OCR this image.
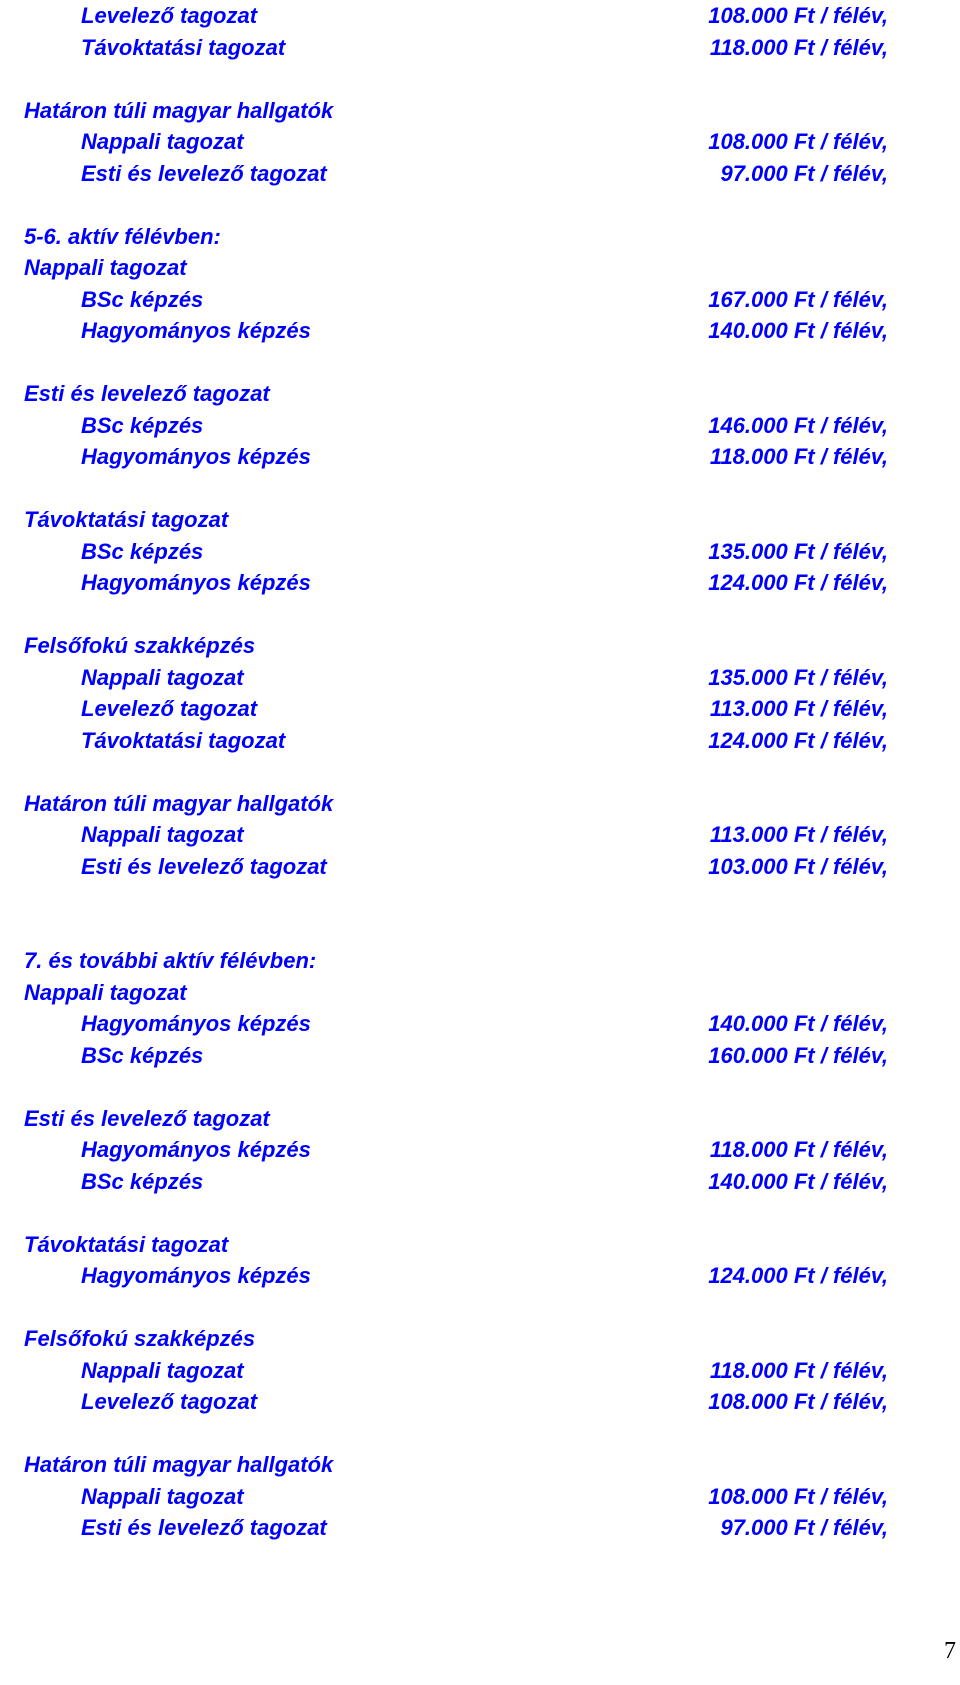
Levelező tagozat	108.000 Ft / félév,
Távoktatási tagozat	118.000 Ft / félév,
Határon túli magyar hallgatók
Nappali tagozat	108.000 Ft / félév,
Esti és levelező tagozat	97.000 Ft / félév,
5-6. aktív félévben:
Nappali tagozat
BSc képzés	167.000 Ft / félév,
Hagyományos képzés	140.000 Ft / félév,
Esti és levelező tagozat
BSc képzés	146.000 Ft / félév,
Hagyományos képzés	118.000 Ft / félév,
Távoktatási tagozat
BSc képzés	135.000 Ft / félév,
Hagyományos képzés	124.000 Ft / félév,
Felsőfokú szakképzés
Nappali tagozat	135.000 Ft / félév,
Levelező tagozat	113.000 Ft / félév,
Távoktatási tagozat	124.000 Ft / félév,
Határon túli magyar hallgatók
Nappali tagozat	113.000 Ft / félév,
Esti és levelező tagozat	103.000 Ft / félév,
7. és további aktív félévben:
Nappali tagozat
Hagyományos képzés	140.000 Ft / félév,
BSc képzés	160.000 Ft / félév,
Esti és levelező tagozat
Hagyományos képzés	118.000 Ft / félév,
BSc képzés	140.000 Ft / félév,
Távoktatási tagozat
Hagyományos képzés	124.000 Ft / félév,
Felsőfokú szakképzés
Nappali tagozat	118.000 Ft / félév,
Levelező tagozat	108.000 Ft / félév,
Határon túli magyar hallgatók
Nappali tagozat	108.000 Ft / félév,
Esti és levelező tagozat	97.000 Ft / félév,
7
